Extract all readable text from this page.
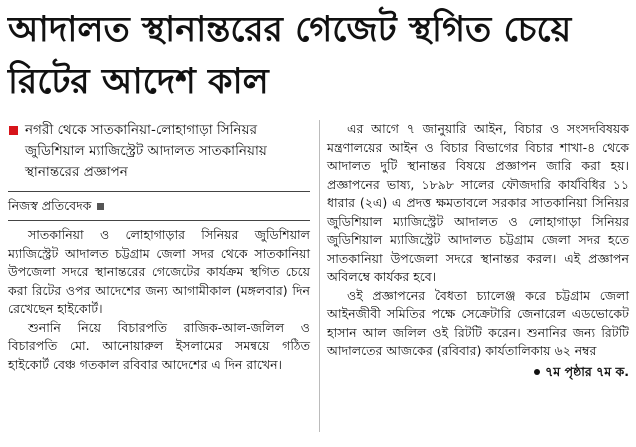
আদালত স্থানান্তরের গেজেট স্থগিত চেয়ে রিটের আদেশ কাল
নগরী থেকে সাতকানিয়া-লোহাগাড়া সিনিয়র জুডিশিয়াল ম্যাজিস্ট্রেট আদালত সাতকানিয়ায় স্থানান্তরের প্রজ্ঞাপন
নিজস্ব প্রতিবেদক

সাতকানিয়া ও লোহাগাড়ার সিনিয়র জুডিশিয়াল ম্যাজিস্ট্রেট আদালত চট্টগ্রাম জেলা সদর থেকে সাতকানিয়া উপজেলা সদরে স্থানান্তরের গেজেটের কার্যক্রম স্থগিত চেয়ে করা রিটের ওপর আদেশের জন্য আগামীকাল (মঙ্গলবার) দিন রেখেছেন হাইকোর্ট।

শুনানি নিয়ে বিচারপতি রাজিক-আল-জলিল ও বিচারপতি মো. আনোয়ারুল ইসলামের সমন্বয়ে গঠিত হাইকোর্ট বেঞ্চ গতকাল রবিবার আদেশের এ দিন রাখেন।

এর আগে ৭ জানুয়ারি আইন, বিচার ও সংসদবিষয়ক মন্ত্রণালয়ের আইন ও বিচার বিভাগের বিচার শাখা-৪ থেকে আদালত দুটি স্থানান্তর বিষয়ে প্রজ্ঞাপন জারি করা হয়। প্রজ্ঞাপনের ভাষ্য, ১৮৯৮ সালের ফৌজদারি কার্যবিধির ১১ ধারার (২এ) এ প্রদত্ত ক্ষমতাবলে সরকার সাতকানিয়া সিনিয়র জুডিশিয়াল ম্যাজিস্ট্রেট আদালত ও লোহাগাড়া সিনিয়র জুডিশিয়াল ম্যাজিস্ট্রেট আদালত চট্টগ্রাম জেলা সদর হতে সাতকানিয়া উপজেলা সদরে স্থানান্তর করল। এই প্রজ্ঞাপন অবিলম্বে কার্যকর হবে।

ওই প্রজ্ঞাপনের বৈধতা চ্যালেঞ্জ করে চট্টগ্রাম জেলা আইনজীবী সমিতির পক্ষে সেক্রেটারি জেনারেল এডভোকেট হাসান আল জলিল ওই রিটটি করেন। শুনানির জন্য রিটটি আদালতের আজকের (রবিবার) কার্যতালিকায় ৬২ নম্বর

৭ম পৃষ্ঠার ৭ম ক.
